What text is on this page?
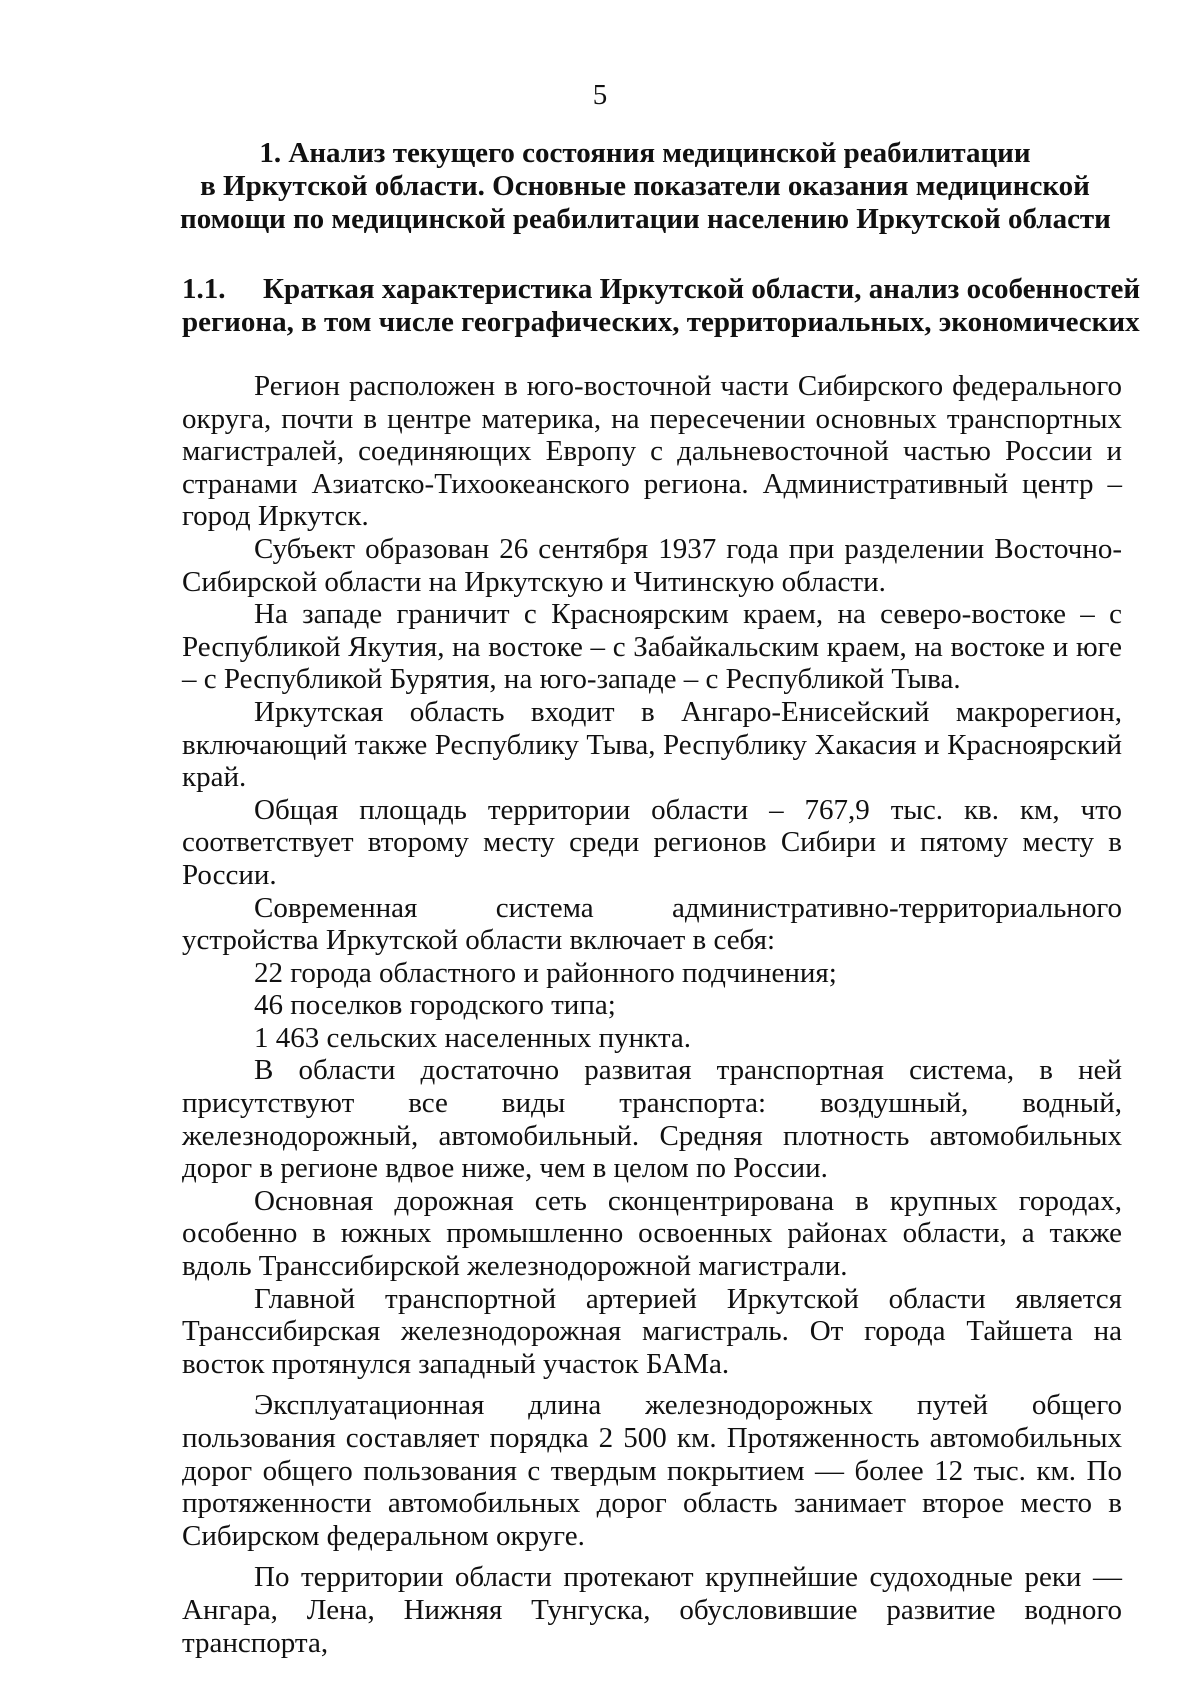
5
1. Анализ текущего состояния медицинской реабилитации
в Иркутской области. Основные показатели оказания медицинской
помощи по медицинской реабилитации населению Иркутской области
1.1. Краткая характеристика Иркутской области, анализ особенностей
региона, в том числе географических, территориальных, экономических

Регион расположен в юго-восточной части Сибирского федерального округа, почти в центре материка, на пересечении основных транспортных магистралей, соединяющих Европу с дальневосточной частью России и странами Азиатско-Тихоокеанского региона. Административный центр – город Иркутск.

Субъект образован 26 сентября 1937 года при разделении Восточно-Сибирской области на Иркутскую и Читинскую области.

На западе граничит с Красноярским краем, на северо-востоке – с Республикой Якутия, на востоке – с Забайкальским краем, на востоке и юге – с Республикой Бурятия, на юго-западе – с Республикой Тыва.

Иркутская область входит в Ангаро-Енисейский макрорегион, включающий также Республику Тыва, Республику Хакасия и Красноярский край.

Общая площадь территории области – 767,9 тыс. кв. км, что соответствует второму месту среди регионов Сибири и пятому месту в России.

Современная система административно-территориального устройства Иркутской области включает в себя:

22 города областного и районного подчинения;

46 поселков городского типа;

1 463 сельских населенных пункта.

В области достаточно развитая транспортная система, в ней присутствуют все виды транспорта: воздушный, водный, железнодорожный, автомобильный. Средняя плотность автомобильных дорог в регионе вдвое ниже, чем в целом по России.

Основная дорожная сеть сконцентрирована в крупных городах, особенно в южных промышленно освоенных районах области, а также вдоль Транссибирской железнодорожной магистрали.

Главной транспортной артерией Иркутской области является Транссибирская железнодорожная магистраль. От города Тайшета на восток протянулся западный участок БАМа.

Эксплуатационная длина железнодорожных путей общего пользования составляет порядка 2 500 км. Протяженность автомобильных дорог общего пользования с твердым покрытием — более 12 тыс. км. По протяженности автомобильных дорог область занимает второе место в Сибирском федеральном округе.

По территории области протекают крупнейшие судоходные реки — Ангара, Лена, Нижняя Тунгуска, обусловившие развитие водного транспорта,
